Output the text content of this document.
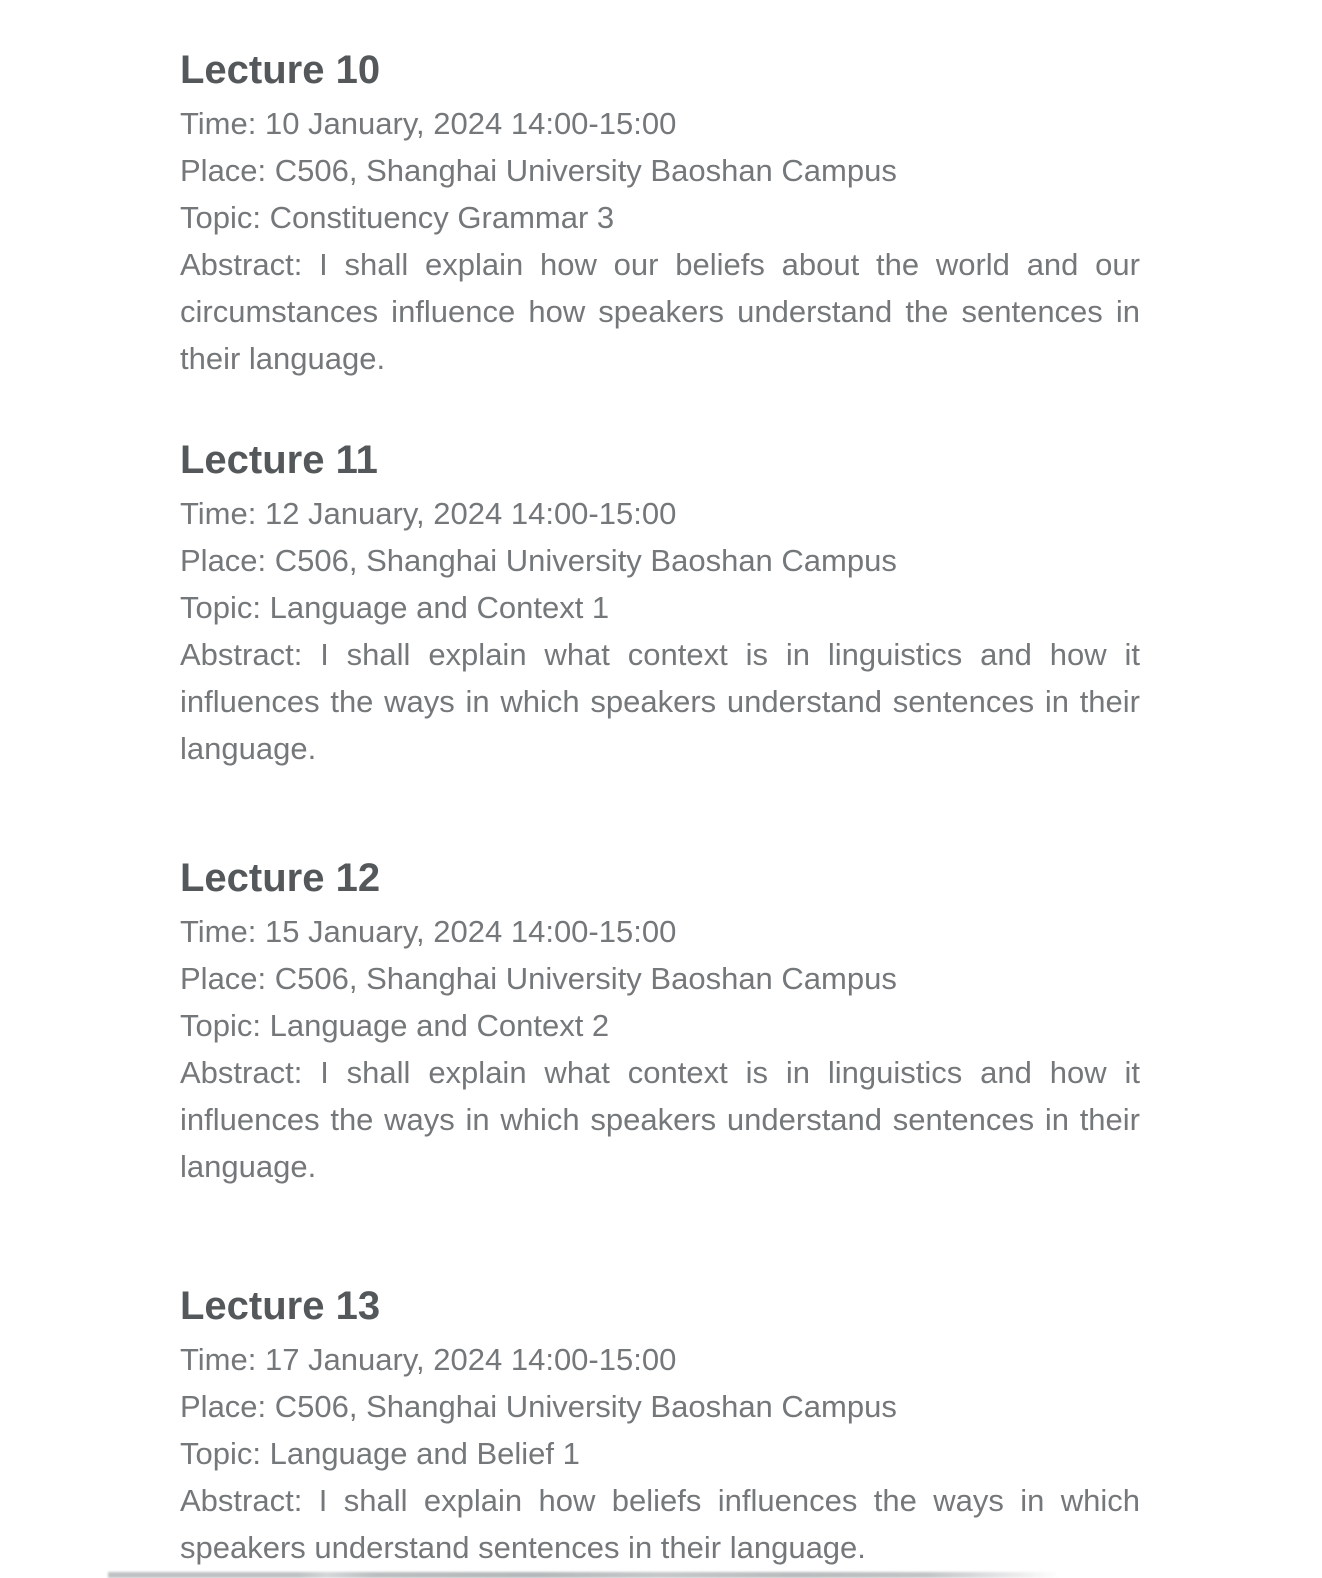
Lecture 10

Time: 10 January, 2024 14:00-15:00

Place: C506, Shanghai University Baoshan Campus

Topic: Constituency Grammar 3

Abstract: I shall explain how our beliefs about the world and our circumstances influence how speakers understand the sentences in their language.

Lecture 11

Time: 12 January, 2024 14:00-15:00

Place: C506, Shanghai University Baoshan Campus

Topic: Language and Context 1

Abstract: I shall explain what context is in linguistics and how it influences the ways in which speakers understand sentences in their language.

Lecture 12

Time: 15 January, 2024 14:00-15:00

Place: C506, Shanghai University Baoshan Campus

Topic: Language and Context 2

Abstract: I shall explain what context is in linguistics and how it influences the ways in which speakers understand sentences in their language.

Lecture 13

Time: 17 January, 2024 14:00-15:00

Place: C506, Shanghai University Baoshan Campus

Topic: Language and Belief 1

Abstract: I shall explain how beliefs influences the ways in which speakers understand sentences in their language.
